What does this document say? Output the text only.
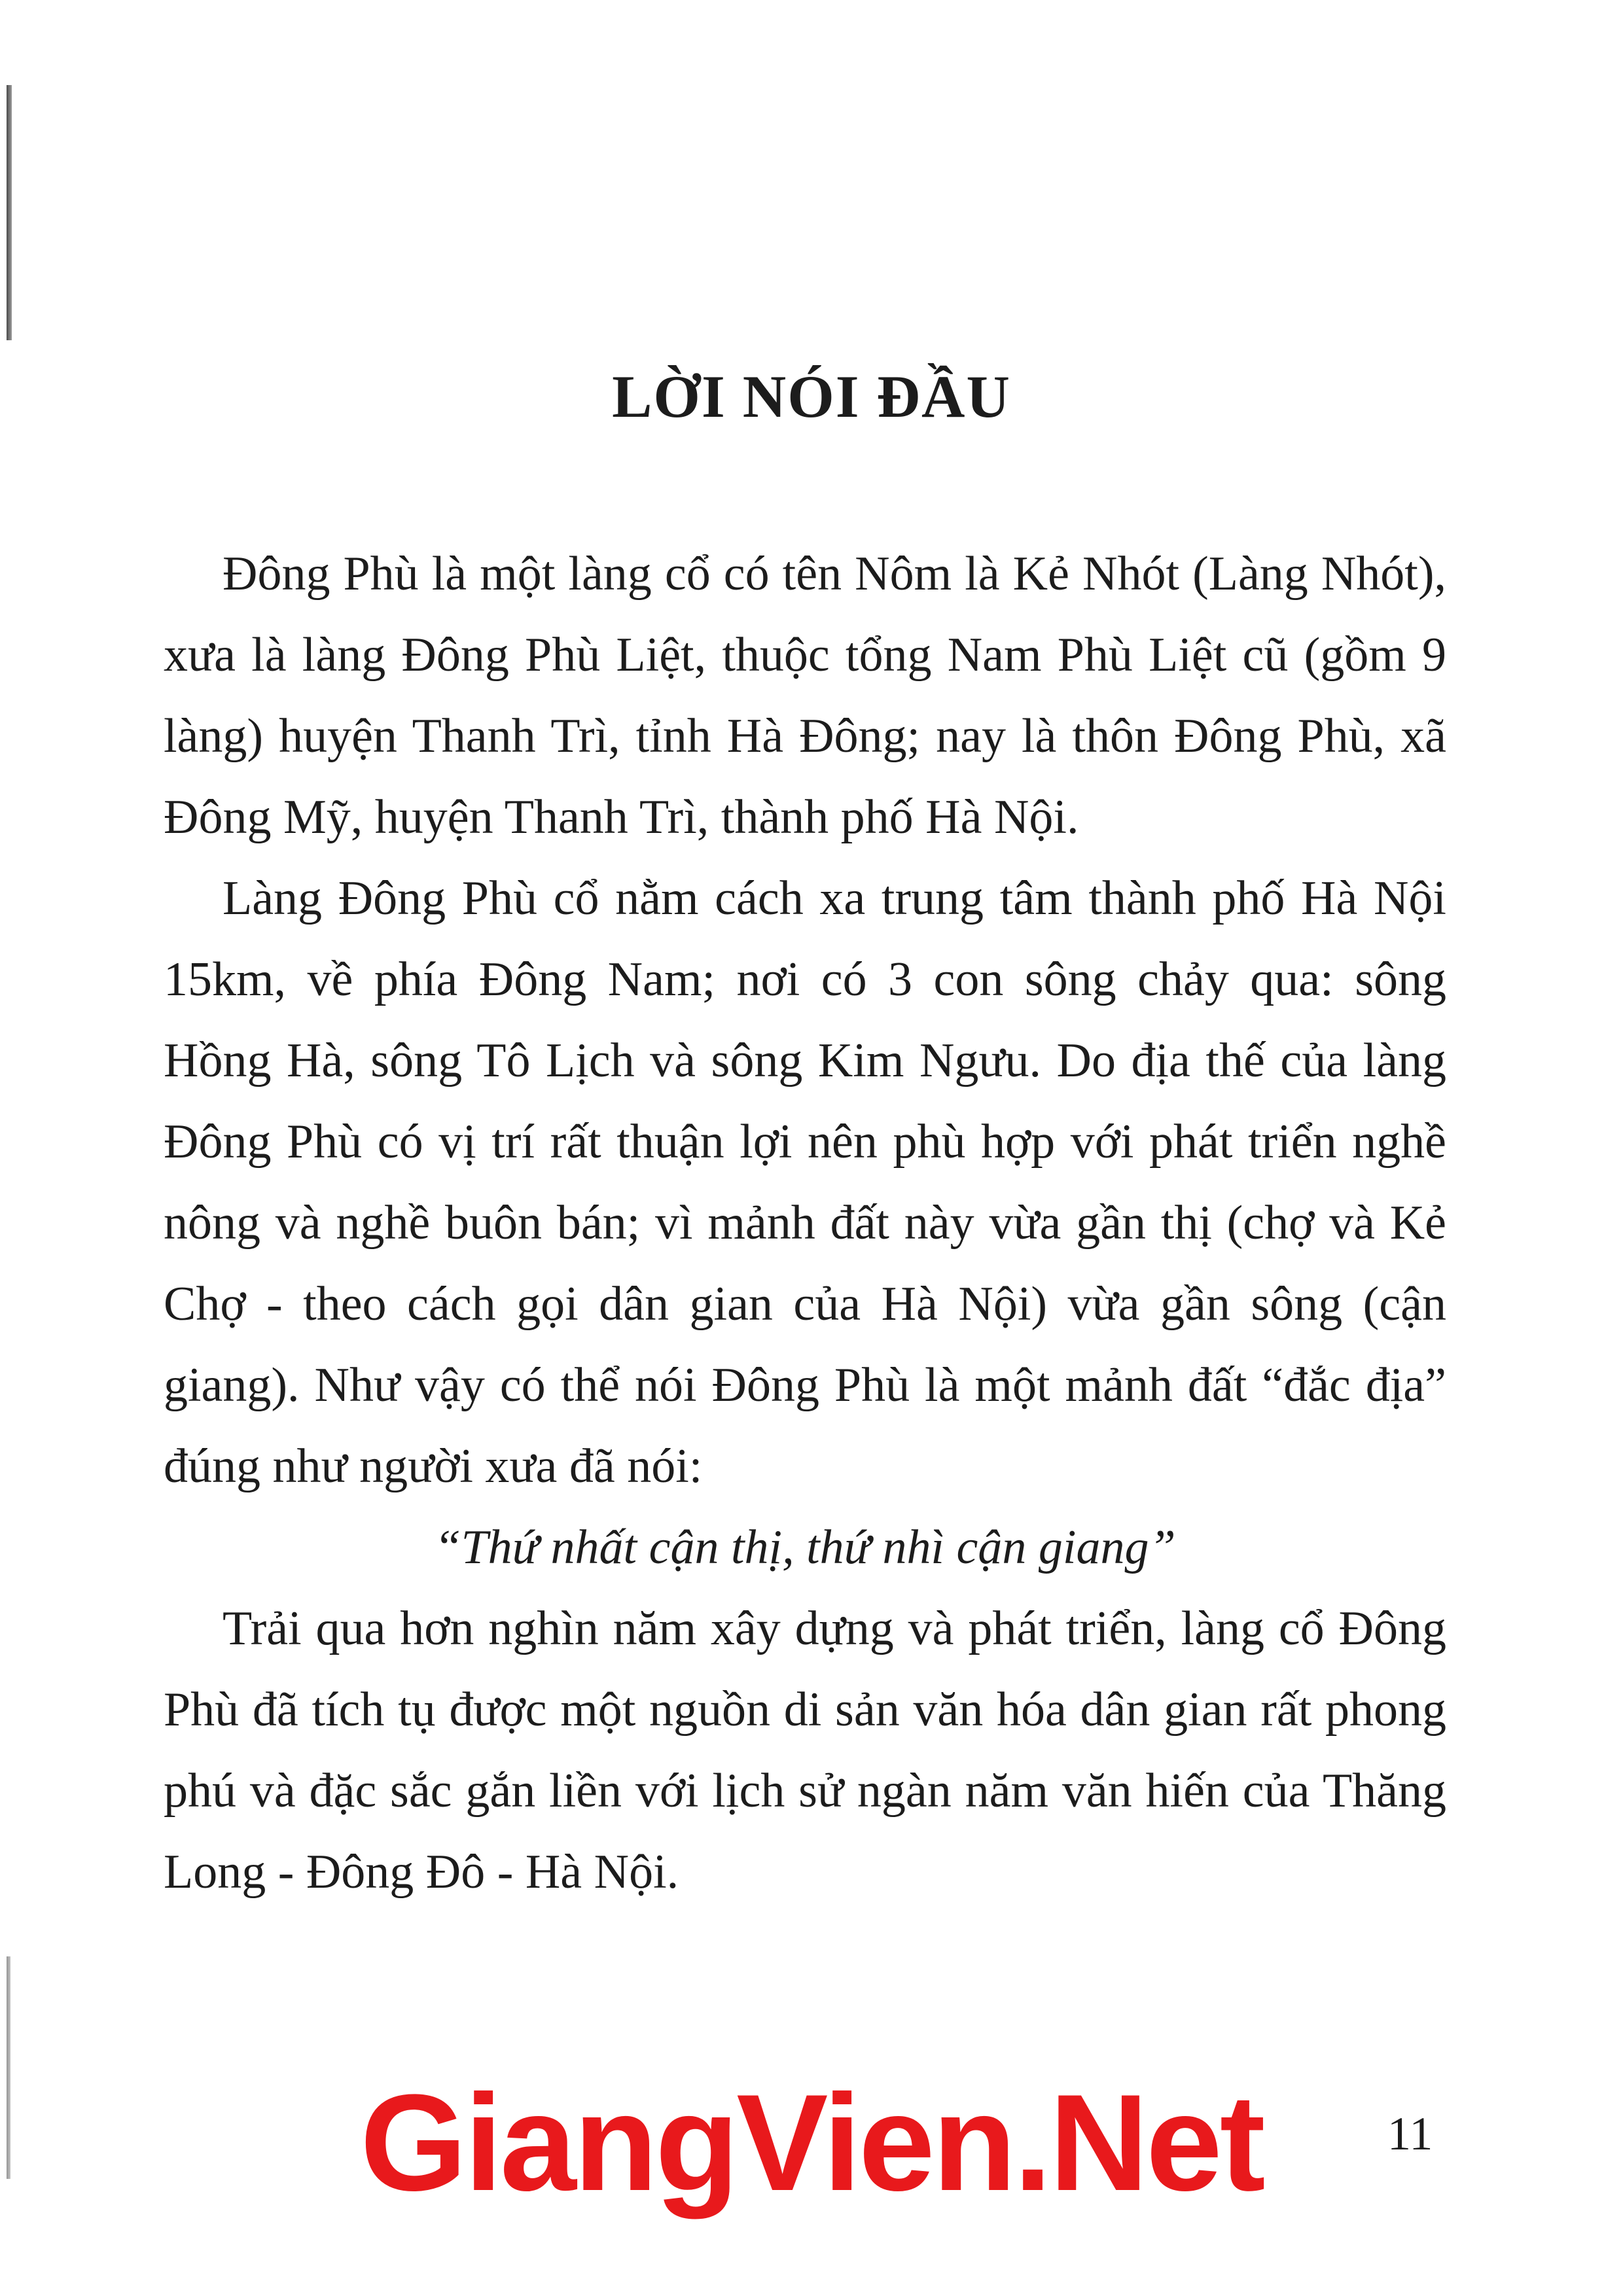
LỜI NÓI ĐẦU

Đông Phù là một làng cổ có tên Nôm là Kẻ Nhót (Làng Nhót), xưa là làng Đông Phù Liệt, thuộc tổng Nam Phù Liệt cũ (gồm 9 làng) huyện Thanh Trì, tỉnh Hà Đông; nay là thôn Đông Phù, xã Đông Mỹ, huyện Thanh Trì, thành phố Hà Nội.

Làng Đông Phù cổ nằm cách xa trung tâm thành phố Hà Nội 15km, về phía Đông Nam; nơi có 3 con sông chảy qua: sông Hồng Hà, sông Tô Lịch và sông Kim Ngưu. Do địa thế của làng Đông Phù có vị trí rất thuận lợi nên phù hợp với phát triển nghề nông và nghề buôn bán; vì mảnh đất này vừa gần thị (chợ và Kẻ Chợ - theo cách gọi dân gian của Hà Nội) vừa gần sông (cận giang). Như vậy có thể nói Đông Phù là một mảnh đất “đắc địa” đúng như người xưa đã nói:

“Thứ nhất cận thị, thứ nhì cận giang”

Trải qua hơn nghìn năm xây dựng và phát triển, làng cổ Đông Phù đã tích tụ được một nguồn di sản văn hóa dân gian rất phong phú và đặc sắc gắn liền với lịch sử ngàn năm văn hiến của Thăng Long - Đông Đô - Hà Nội.

GiangVien.Net	11
